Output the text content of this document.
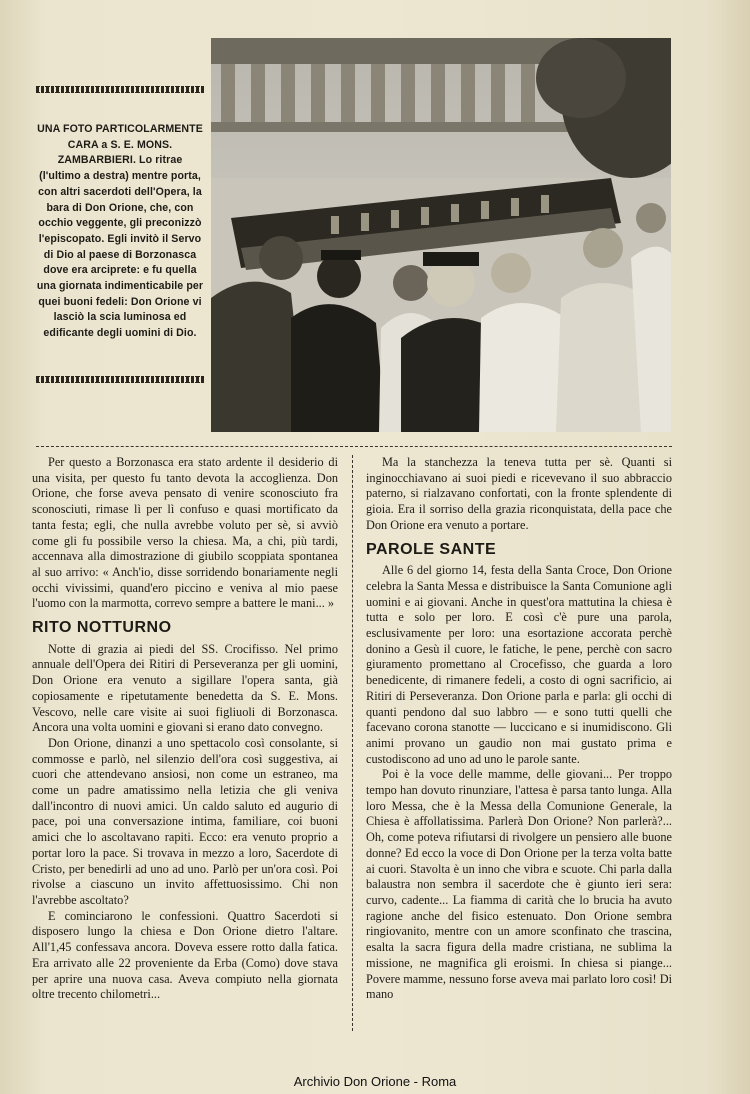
UNA FOTO PARTICOLARMENTE CARA a S. E. MONS. ZAMBARBIERI. Lo ritrae (l'ultimo a destra) mentre porta, con altri sacerdoti dell'Opera, la bara di Don Orione, che, con occhio veggente, gli preconizzò l'episcopato. Egli invitò il Servo di Dio al paese di Borzonasca dove era arciprete: e fu quella una giornata indimenticabile per quei buoni fedeli: Don Orione vi lasciò la scia luminosa ed edificante degli uomini di Dio.

Per questo a Borzonasca era stato ardente il desiderio di una visita, per questo fu tanto devota la accoglienza. Don Orione, che forse aveva pensato di venire sconosciuto fra sconosciuti, rimase lì per lì confuso e quasi mortificato da tanta festa; egli, che nulla avrebbe voluto per sè, si avviò come gli fu possibile verso la chiesa. Ma, a chi, più tardi, accennava alla dimostrazione di giubilo scoppiata spontanea al suo arrivo: « Anch'io, disse sorridendo bonariamente negli occhi vivissimi, quand'ero piccino e veniva al mio paese l'uomo con la marmotta, correvo sempre a battere le mani... »

RITO NOTTURNO

Notte di grazia ai piedi del SS. Crocifisso. Nel primo annuale dell'Opera dei Ritiri di Perseveranza per gli uomini, Don Orione era venuto a sigillare l'opera santa, già copiosamente e ripetutamente benedetta da S. E. Mons. Vescovo, nelle care visite ai suoi figliuoli di Borzonasca. Ancora una volta uomini e giovani si erano dato convegno.

Don Orione, dinanzi a uno spettacolo così consolante, si commosse e parlò, nel silenzio dell'ora così suggestiva, ai cuori che attendevano ansiosi, non come un estraneo, ma come un padre amatissimo nella letizia che gli veniva dall'incontro di nuovi amici. Un caldo saluto ed augurio di pace, poi una conversazione intima, familiare, coi buoni amici che lo ascoltavano rapiti. Ecco: era venuto proprio a portar loro la pace. Si trovava in mezzo a loro, Sacerdote di Cristo, per benedirli ad uno ad uno. Parlò per un'ora così. Poi rivolse a ciascuno un invito affettuosissimo. Chi non l'avrebbe ascoltato?

E cominciarono le confessioni. Quattro Sacerdoti si disposero lungo la chiesa e Don Orione dietro l'altare. All'1,45 confessava ancora. Doveva essere rotto dalla fatica. Era arrivato alle 22 proveniente da Erba (Como) dove stava per aprire una nuova casa. Aveva compiuto nella giornata oltre trecento chilometri...

Ma la stanchezza la teneva tutta per sè. Quanti si inginocchiavano ai suoi piedi e ricevevano il suo abbraccio paterno, si rialzavano confortati, con la fronte splendente di gioia. Era il sorriso della grazia riconquistata, della pace che Don Orione era venuto a portare.

PAROLE SANTE

Alle 6 del giorno 14, festa della Santa Croce, Don Orione celebra la Santa Messa e distribuisce la Santa Comunione agli uomini e ai giovani. Anche in quest'ora mattutina la chiesa è tutta e solo per loro. E così c'è pure una parola, esclusivamente per loro: una esortazione accorata perchè donino a Gesù il cuore, le fatiche, le pene, perchè con sacro giuramento promettano al Crocefisso, che guarda a loro benedicente, di rimanere fedeli, a costo di ogni sacrificio, ai Ritiri di Perseveranza. Don Orione parla e parla: gli occhi di quanti pendono dal suo labbro — e sono tutti quelli che facevano corona stanotte — luccicano e si inumidiscono. Gli animi provano un gaudio non mai gustato prima e custodiscono ad uno ad uno le parole sante.

Poi è la voce delle mamme, delle giovani... Per troppo tempo han dovuto rinunziare, l'attesa è parsa tanto lunga. Alla loro Messa, che è la Messa della Comunione Generale, la Chiesa è affollatissima. Parlerà Don Orione? Non parlerà?... Oh, come poteva rifiutarsi di rivolgere un pensiero alle buone donne? Ed ecco la voce di Don Orione per la terza volta batte ai cuori. Stavolta è un inno che vibra e scuote. Chi parla dalla balaustra non sembra il sacerdote che è giunto ieri sera: curvo, cadente... La fiamma di carità che lo brucia ha avuto ragione anche del fisico estenuato. Don Orione sembra ringiovanito, mentre con un amore sconfinato che trascina, esalta la sacra figura della madre cristiana, ne sublima la missione, ne magnifica gli eroismi. In chiesa si piange... Povere mamme, nessuno forse aveva mai parlato loro così! Di mano

Archivio Don Orione - Roma
